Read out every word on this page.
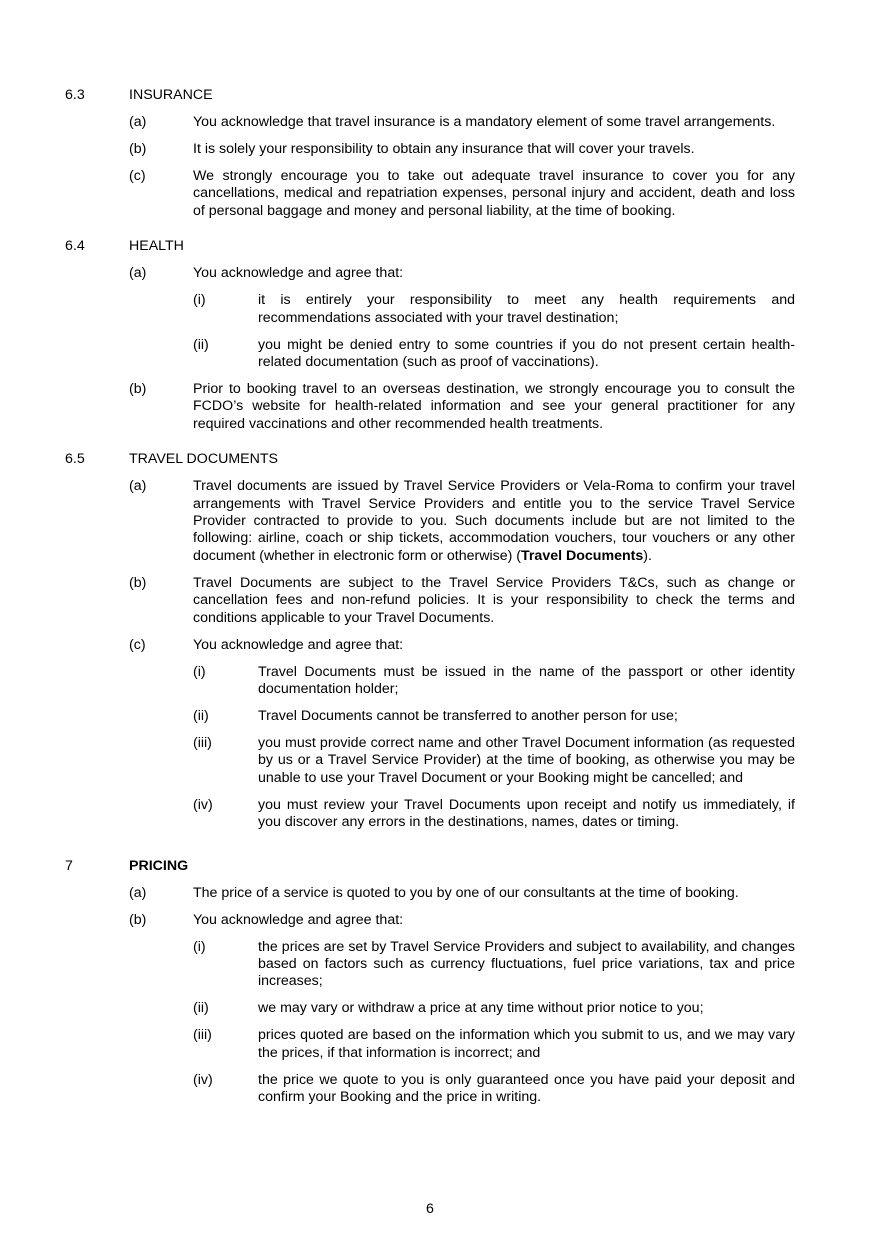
6.3	INSURANCE
(a)	You acknowledge that travel insurance is a mandatory element of some travel arrangements.
(b)	It is solely your responsibility to obtain any insurance that will cover your travels.
(c)	We strongly encourage you to take out adequate travel insurance to cover you for any cancellations, medical and repatriation expenses, personal injury and accident, death and loss of personal baggage and money and personal liability, at the time of booking.
6.4	HEALTH
(a)	You acknowledge and agree that:
(i)	it is entirely your responsibility to meet any health requirements and recommendations associated with your travel destination;
(ii)	you might be denied entry to some countries if you do not present certain health-related documentation (such as proof of vaccinations).
(b)	Prior to booking travel to an overseas destination, we strongly encourage you to consult the FCDO’s website for health-related information and see your general practitioner for any required vaccinations and other recommended health treatments.
6.5	TRAVEL DOCUMENTS
(a)	Travel documents are issued by Travel Service Providers or Vela-Roma to confirm your travel arrangements with Travel Service Providers and entitle you to the service Travel Service Provider contracted to provide to you. Such documents include but are not limited to the following: airline, coach or ship tickets, accommodation vouchers, tour vouchers or any other document (whether in electronic form or otherwise) (Travel Documents).
(b)	Travel Documents are subject to the Travel Service Providers T&Cs, such as change or cancellation fees and non-refund policies. It is your responsibility to check the terms and conditions applicable to your Travel Documents.
(c)	You acknowledge and agree that:
(i)	Travel Documents must be issued in the name of the passport or other identity documentation holder;
(ii)	Travel Documents cannot be transferred to another person for use;
(iii)	you must provide correct name and other Travel Document information (as requested by us or a Travel Service Provider) at the time of booking, as otherwise you may be unable to use your Travel Document or your Booking might be cancelled; and
(iv)	you must review your Travel Documents upon receipt and notify us immediately, if you discover any errors in the destinations, names, dates or timing.
7	PRICING
(a)	The price of a service is quoted to you by one of our consultants at the time of booking.
(b)	You acknowledge and agree that:
(i)	the prices are set by Travel Service Providers and subject to availability, and changes based on factors such as currency fluctuations, fuel price variations, tax and price increases;
(ii)	we may vary or withdraw a price at any time without prior notice to you;
(iii)	prices quoted are based on the information which you submit to us, and we may vary the prices, if that information is incorrect; and
(iv)	the price we quote to you is only guaranteed once you have paid your deposit and confirm your Booking and the price in writing.
6
